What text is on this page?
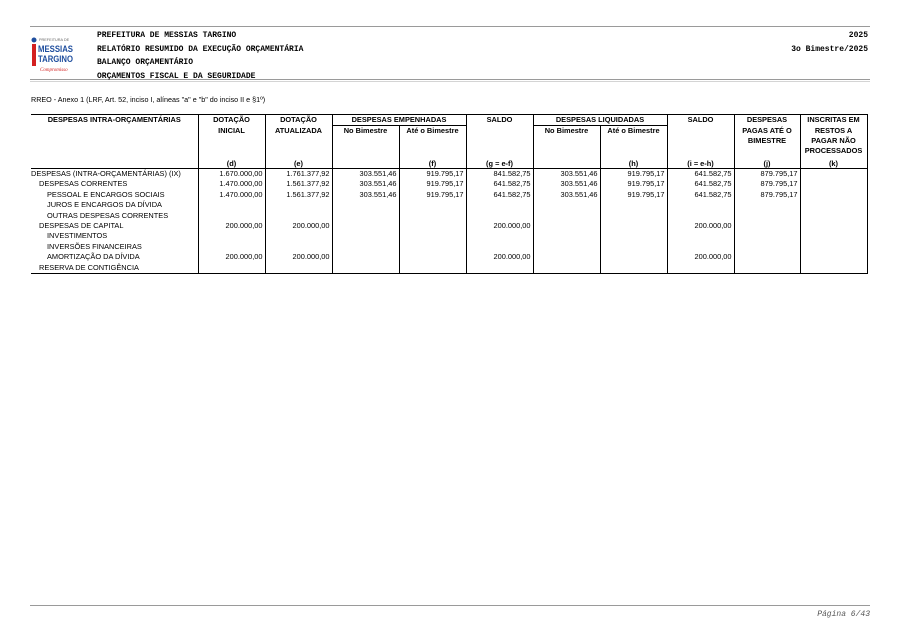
PREFEITURA DE
MESSIAS
TARGINO
Compromisso
PREFEITURA DE MESSIAS TARGINO
RELATÓRIO RESUMIDO DA EXECUÇÃO ORÇAMENTÁRIA
BALANÇO ORÇAMENTÁRIO
ORÇAMENTOS FISCAL E DA SEGURIDADE
2025
3o Bimestre/2025
RREO - Anexo 1 (LRF, Art. 52, inciso I, alíneas "a" e "b" do inciso II e §1º)
DESPESAS INTRA-ORÇAMENTÁRIAS	DOTAÇÃO	DOTAÇÃO	DESPESAS EMPENHADAS		SALDO	DESPESAS LIQUIDADAS		SALDO	DESPESAS	INSCRITAS EM
	INICIAL	ATUALIZADA	No Bimestre	Até o Bimestre		No Bimestre	Até o Bimestre		PAGAS ATÉ O	RESTOS A
									BIMESTRE	PAGAR NÃO
PROCESSADOS

	(d)	(e)		(f)	(g = e-f)		(h)	(i = e-h)	(j)	(k)
DESPESAS (INTRA-ORÇAMENTÁRIAS) (IX)	1.670.000,00	1.761.377,92	303.551,46	919.795,17	841.582,75	303.551,46	919.795,17	641.582,75	879.795,17	
DESPESAS CORRENTES	1.470.000,00	1.561.377,92	303.551,46	919.795,17	641.582,75	303.551,46	919.795,17	641.582,75	879.795,17	
PESSOAL E ENCARGOS SOCIAIS	1.470.000,00	1.561.377,92	303.551,46	919.795,17	641.582,75	303.551,46	919.795,17	641.582,75	879.795,17	
JUROS E ENCARGOS DA DÍVIDA										
OUTRAS DESPESAS CORRENTES										
DESPESAS DE CAPITAL	200.000,00	200.000,00			200.000,00			200.000,00		
INVESTIMENTOS										
INVERSÕES FINANCEIRAS										
AMORTIZAÇÃO DA DÍVIDA	200.000,00	200.000,00			200.000,00			200.000,00		
RESERVA DE CONTIGÊNCIA										
Página 6/43
